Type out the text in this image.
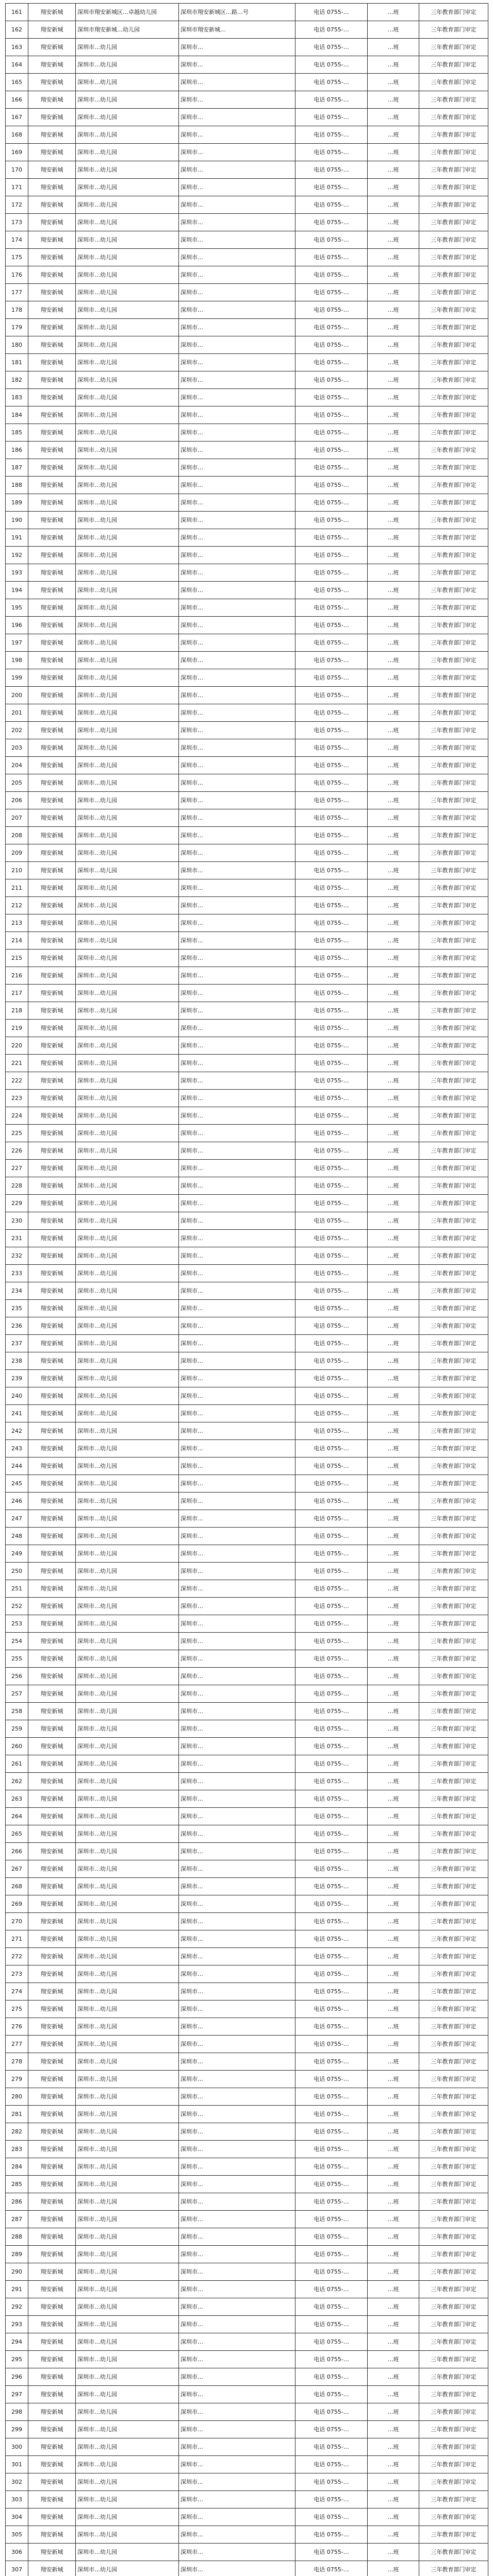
161	翔安新城	深圳市翔安新城区…卓越幼儿园	深圳市翔安新城区…路…号	电话 0755-…	…班	三年教育部门审定
162	翔安新城	深圳市翔安新城…幼儿园	深圳市翔安新城…	电话 0755-…	…班	三年教育部门审定
163	翔安新城	深圳市…幼儿园	深圳市…	电话 0755-…	…班	三年教育部门审定
164	翔安新城	深圳市…幼儿园	深圳市…	电话 0755-…	…班	三年教育部门审定
165	翔安新城	深圳市…幼儿园	深圳市…	电话 0755-…	…班	三年教育部门审定
166	翔安新城	深圳市…幼儿园	深圳市…	电话 0755-…	…班	三年教育部门审定
167	翔安新城	深圳市…幼儿园	深圳市…	电话 0755-…	…班	三年教育部门审定
168	翔安新城	深圳市…幼儿园	深圳市…	电话 0755-…	…班	三年教育部门审定
169	翔安新城	深圳市…幼儿园	深圳市…	电话 0755-…	…班	三年教育部门审定
170	翔安新城	深圳市…幼儿园	深圳市…	电话 0755-…	…班	三年教育部门审定
171	翔安新城	深圳市…幼儿园	深圳市…	电话 0755-…	…班	三年教育部门审定
172	翔安新城	深圳市…幼儿园	深圳市…	电话 0755-…	…班	三年教育部门审定
173	翔安新城	深圳市…幼儿园	深圳市…	电话 0755-…	…班	三年教育部门审定
174	翔安新城	深圳市…幼儿园	深圳市…	电话 0755-…	…班	三年教育部门审定
175	翔安新城	深圳市…幼儿园	深圳市…	电话 0755-…	…班	三年教育部门审定
176	翔安新城	深圳市…幼儿园	深圳市…	电话 0755-…	…班	三年教育部门审定
177	翔安新城	深圳市…幼儿园	深圳市…	电话 0755-…	…班	三年教育部门审定
178	翔安新城	深圳市…幼儿园	深圳市…	电话 0755-…	…班	三年教育部门审定
179	翔安新城	深圳市…幼儿园	深圳市…	电话 0755-…	…班	三年教育部门审定
180	翔安新城	深圳市…幼儿园	深圳市…	电话 0755-…	…班	三年教育部门审定
181	翔安新城	深圳市…幼儿园	深圳市…	电话 0755-…	…班	三年教育部门审定
182	翔安新城	深圳市…幼儿园	深圳市…	电话 0755-…	…班	三年教育部门审定
183	翔安新城	深圳市…幼儿园	深圳市…	电话 0755-…	…班	三年教育部门审定
184	翔安新城	深圳市…幼儿园	深圳市…	电话 0755-…	…班	三年教育部门审定
185	翔安新城	深圳市…幼儿园	深圳市…	电话 0755-…	…班	三年教育部门审定
186	翔安新城	深圳市…幼儿园	深圳市…	电话 0755-…	…班	三年教育部门审定
187	翔安新城	深圳市…幼儿园	深圳市…	电话 0755-…	…班	三年教育部门审定
188	翔安新城	深圳市…幼儿园	深圳市…	电话 0755-…	…班	三年教育部门审定
189	翔安新城	深圳市…幼儿园	深圳市…	电话 0755-…	…班	三年教育部门审定
190	翔安新城	深圳市…幼儿园	深圳市…	电话 0755-…	…班	三年教育部门审定
191	翔安新城	深圳市…幼儿园	深圳市…	电话 0755-…	…班	三年教育部门审定
192	翔安新城	深圳市…幼儿园	深圳市…	电话 0755-…	…班	三年教育部门审定
193	翔安新城	深圳市…幼儿园	深圳市…	电话 0755-…	…班	三年教育部门审定
194	翔安新城	深圳市…幼儿园	深圳市…	电话 0755-…	…班	三年教育部门审定
195	翔安新城	深圳市…幼儿园	深圳市…	电话 0755-…	…班	三年教育部门审定
196	翔安新城	深圳市…幼儿园	深圳市…	电话 0755-…	…班	三年教育部门审定
197	翔安新城	深圳市…幼儿园	深圳市…	电话 0755-…	…班	三年教育部门审定
198	翔安新城	深圳市…幼儿园	深圳市…	电话 0755-…	…班	三年教育部门审定
199	翔安新城	深圳市…幼儿园	深圳市…	电话 0755-…	…班	三年教育部门审定
200	翔安新城	深圳市…幼儿园	深圳市…	电话 0755-…	…班	三年教育部门审定
201	翔安新城	深圳市…幼儿园	深圳市…	电话 0755-…	…班	三年教育部门审定
202	翔安新城	深圳市…幼儿园	深圳市…	电话 0755-…	…班	三年教育部门审定
203	翔安新城	深圳市…幼儿园	深圳市…	电话 0755-…	…班	三年教育部门审定
204	翔安新城	深圳市…幼儿园	深圳市…	电话 0755-…	…班	三年教育部门审定
205	翔安新城	深圳市…幼儿园	深圳市…	电话 0755-…	…班	三年教育部门审定
206	翔安新城	深圳市…幼儿园	深圳市…	电话 0755-…	…班	三年教育部门审定
207	翔安新城	深圳市…幼儿园	深圳市…	电话 0755-…	…班	三年教育部门审定
208	翔安新城	深圳市…幼儿园	深圳市…	电话 0755-…	…班	三年教育部门审定
209	翔安新城	深圳市…幼儿园	深圳市…	电话 0755-…	…班	三年教育部门审定
210	翔安新城	深圳市…幼儿园	深圳市…	电话 0755-…	…班	三年教育部门审定
211	翔安新城	深圳市…幼儿园	深圳市…	电话 0755-…	…班	三年教育部门审定
212	翔安新城	深圳市…幼儿园	深圳市…	电话 0755-…	…班	三年教育部门审定
213	翔安新城	深圳市…幼儿园	深圳市…	电话 0755-…	…班	三年教育部门审定
214	翔安新城	深圳市…幼儿园	深圳市…	电话 0755-…	…班	三年教育部门审定
215	翔安新城	深圳市…幼儿园	深圳市…	电话 0755-…	…班	三年教育部门审定
216	翔安新城	深圳市…幼儿园	深圳市…	电话 0755-…	…班	三年教育部门审定
217	翔安新城	深圳市…幼儿园	深圳市…	电话 0755-…	…班	三年教育部门审定
218	翔安新城	深圳市…幼儿园	深圳市…	电话 0755-…	…班	三年教育部门审定
219	翔安新城	深圳市…幼儿园	深圳市…	电话 0755-…	…班	三年教育部门审定
220	翔安新城	深圳市…幼儿园	深圳市…	电话 0755-…	…班	三年教育部门审定
221	翔安新城	深圳市…幼儿园	深圳市…	电话 0755-…	…班	三年教育部门审定
222	翔安新城	深圳市…幼儿园	深圳市…	电话 0755-…	…班	三年教育部门审定
223	翔安新城	深圳市…幼儿园	深圳市…	电话 0755-…	…班	三年教育部门审定
224	翔安新城	深圳市…幼儿园	深圳市…	电话 0755-…	…班	三年教育部门审定
225	翔安新城	深圳市…幼儿园	深圳市…	电话 0755-…	…班	三年教育部门审定
226	翔安新城	深圳市…幼儿园	深圳市…	电话 0755-…	…班	三年教育部门审定
227	翔安新城	深圳市…幼儿园	深圳市…	电话 0755-…	…班	三年教育部门审定
228	翔安新城	深圳市…幼儿园	深圳市…	电话 0755-…	…班	三年教育部门审定
229	翔安新城	深圳市…幼儿园	深圳市…	电话 0755-…	…班	三年教育部门审定
230	翔安新城	深圳市…幼儿园	深圳市…	电话 0755-…	…班	三年教育部门审定
231	翔安新城	深圳市…幼儿园	深圳市…	电话 0755-…	…班	三年教育部门审定
232	翔安新城	深圳市…幼儿园	深圳市…	电话 0755-…	…班	三年教育部门审定
233	翔安新城	深圳市…幼儿园	深圳市…	电话 0755-…	…班	三年教育部门审定
234	翔安新城	深圳市…幼儿园	深圳市…	电话 0755-…	…班	三年教育部门审定
235	翔安新城	深圳市…幼儿园	深圳市…	电话 0755-…	…班	三年教育部门审定
236	翔安新城	深圳市…幼儿园	深圳市…	电话 0755-…	…班	三年教育部门审定
237	翔安新城	深圳市…幼儿园	深圳市…	电话 0755-…	…班	三年教育部门审定
238	翔安新城	深圳市…幼儿园	深圳市…	电话 0755-…	…班	三年教育部门审定
239	翔安新城	深圳市…幼儿园	深圳市…	电话 0755-…	…班	三年教育部门审定
240	翔安新城	深圳市…幼儿园	深圳市…	电话 0755-…	…班	三年教育部门审定
241	翔安新城	深圳市…幼儿园	深圳市…	电话 0755-…	…班	三年教育部门审定
242	翔安新城	深圳市…幼儿园	深圳市…	电话 0755-…	…班	三年教育部门审定
243	翔安新城	深圳市…幼儿园	深圳市…	电话 0755-…	…班	三年教育部门审定
244	翔安新城	深圳市…幼儿园	深圳市…	电话 0755-…	…班	三年教育部门审定
245	翔安新城	深圳市…幼儿园	深圳市…	电话 0755-…	…班	三年教育部门审定
246	翔安新城	深圳市…幼儿园	深圳市…	电话 0755-…	…班	三年教育部门审定
247	翔安新城	深圳市…幼儿园	深圳市…	电话 0755-…	…班	三年教育部门审定
248	翔安新城	深圳市…幼儿园	深圳市…	电话 0755-…	…班	三年教育部门审定
249	翔安新城	深圳市…幼儿园	深圳市…	电话 0755-…	…班	三年教育部门审定
250	翔安新城	深圳市…幼儿园	深圳市…	电话 0755-…	…班	三年教育部门审定
251	翔安新城	深圳市…幼儿园	深圳市…	电话 0755-…	…班	三年教育部门审定
252	翔安新城	深圳市…幼儿园	深圳市…	电话 0755-…	…班	三年教育部门审定
253	翔安新城	深圳市…幼儿园	深圳市…	电话 0755-…	…班	三年教育部门审定
254	翔安新城	深圳市…幼儿园	深圳市…	电话 0755-…	…班	三年教育部门审定
255	翔安新城	深圳市…幼儿园	深圳市…	电话 0755-…	…班	三年教育部门审定
256	翔安新城	深圳市…幼儿园	深圳市…	电话 0755-…	…班	三年教育部门审定
257	翔安新城	深圳市…幼儿园	深圳市…	电话 0755-…	…班	三年教育部门审定
258	翔安新城	深圳市…幼儿园	深圳市…	电话 0755-…	…班	三年教育部门审定
259	翔安新城	深圳市…幼儿园	深圳市…	电话 0755-…	…班	三年教育部门审定
260	翔安新城	深圳市…幼儿园	深圳市…	电话 0755-…	…班	三年教育部门审定
261	翔安新城	深圳市…幼儿园	深圳市…	电话 0755-…	…班	三年教育部门审定
262	翔安新城	深圳市…幼儿园	深圳市…	电话 0755-…	…班	三年教育部门审定
263	翔安新城	深圳市…幼儿园	深圳市…	电话 0755-…	…班	三年教育部门审定
264	翔安新城	深圳市…幼儿园	深圳市…	电话 0755-…	…班	三年教育部门审定
265	翔安新城	深圳市…幼儿园	深圳市…	电话 0755-…	…班	三年教育部门审定
266	翔安新城	深圳市…幼儿园	深圳市…	电话 0755-…	…班	三年教育部门审定
267	翔安新城	深圳市…幼儿园	深圳市…	电话 0755-…	…班	三年教育部门审定
268	翔安新城	深圳市…幼儿园	深圳市…	电话 0755-…	…班	三年教育部门审定
269	翔安新城	深圳市…幼儿园	深圳市…	电话 0755-…	…班	三年教育部门审定
270	翔安新城	深圳市…幼儿园	深圳市…	电话 0755-…	…班	三年教育部门审定
271	翔安新城	深圳市…幼儿园	深圳市…	电话 0755-…	…班	三年教育部门审定
272	翔安新城	深圳市…幼儿园	深圳市…	电话 0755-…	…班	三年教育部门审定
273	翔安新城	深圳市…幼儿园	深圳市…	电话 0755-…	…班	三年教育部门审定
274	翔安新城	深圳市…幼儿园	深圳市…	电话 0755-…	…班	三年教育部门审定
275	翔安新城	深圳市…幼儿园	深圳市…	电话 0755-…	…班	三年教育部门审定
276	翔安新城	深圳市…幼儿园	深圳市…	电话 0755-…	…班	三年教育部门审定
277	翔安新城	深圳市…幼儿园	深圳市…	电话 0755-…	…班	三年教育部门审定
278	翔安新城	深圳市…幼儿园	深圳市…	电话 0755-…	…班	三年教育部门审定
279	翔安新城	深圳市…幼儿园	深圳市…	电话 0755-…	…班	三年教育部门审定
280	翔安新城	深圳市…幼儿园	深圳市…	电话 0755-…	…班	三年教育部门审定
281	翔安新城	深圳市…幼儿园	深圳市…	电话 0755-…	…班	三年教育部门审定
282	翔安新城	深圳市…幼儿园	深圳市…	电话 0755-…	…班	三年教育部门审定
283	翔安新城	深圳市…幼儿园	深圳市…	电话 0755-…	…班	三年教育部门审定
284	翔安新城	深圳市…幼儿园	深圳市…	电话 0755-…	…班	三年教育部门审定
285	翔安新城	深圳市…幼儿园	深圳市…	电话 0755-…	…班	三年教育部门审定
286	翔安新城	深圳市…幼儿园	深圳市…	电话 0755-…	…班	三年教育部门审定
287	翔安新城	深圳市…幼儿园	深圳市…	电话 0755-…	…班	三年教育部门审定
288	翔安新城	深圳市…幼儿园	深圳市…	电话 0755-…	…班	三年教育部门审定
289	翔安新城	深圳市…幼儿园	深圳市…	电话 0755-…	…班	三年教育部门审定
290	翔安新城	深圳市…幼儿园	深圳市…	电话 0755-…	…班	三年教育部门审定
291	翔安新城	深圳市…幼儿园	深圳市…	电话 0755-…	…班	三年教育部门审定
292	翔安新城	深圳市…幼儿园	深圳市…	电话 0755-…	…班	三年教育部门审定
293	翔安新城	深圳市…幼儿园	深圳市…	电话 0755-…	…班	三年教育部门审定
294	翔安新城	深圳市…幼儿园	深圳市…	电话 0755-…	…班	三年教育部门审定
295	翔安新城	深圳市…幼儿园	深圳市…	电话 0755-…	…班	三年教育部门审定
296	翔安新城	深圳市…幼儿园	深圳市…	电话 0755-…	…班	三年教育部门审定
297	翔安新城	深圳市…幼儿园	深圳市…	电话 0755-…	…班	三年教育部门审定
298	翔安新城	深圳市…幼儿园	深圳市…	电话 0755-…	…班	三年教育部门审定
299	翔安新城	深圳市…幼儿园	深圳市…	电话 0755-…	…班	三年教育部门审定
300	翔安新城	深圳市…幼儿园	深圳市…	电话 0755-…	…班	三年教育部门审定
301	翔安新城	深圳市…幼儿园	深圳市…	电话 0755-…	…班	三年教育部门审定
302	翔安新城	深圳市…幼儿园	深圳市…	电话 0755-…	…班	三年教育部门审定
303	翔安新城	深圳市…幼儿园	深圳市…	电话 0755-…	…班	三年教育部门审定
304	翔安新城	深圳市…幼儿园	深圳市…	电话 0755-…	…班	三年教育部门审定
305	翔安新城	深圳市…幼儿园	深圳市…	电话 0755-…	…班	三年教育部门审定
306	翔安新城	深圳市…幼儿园	深圳市…	电话 0755-…	…班	三年教育部门审定
307	翔安新城	深圳市…幼儿园	深圳市…	电话 0755-…	…班	三年教育部门审定
